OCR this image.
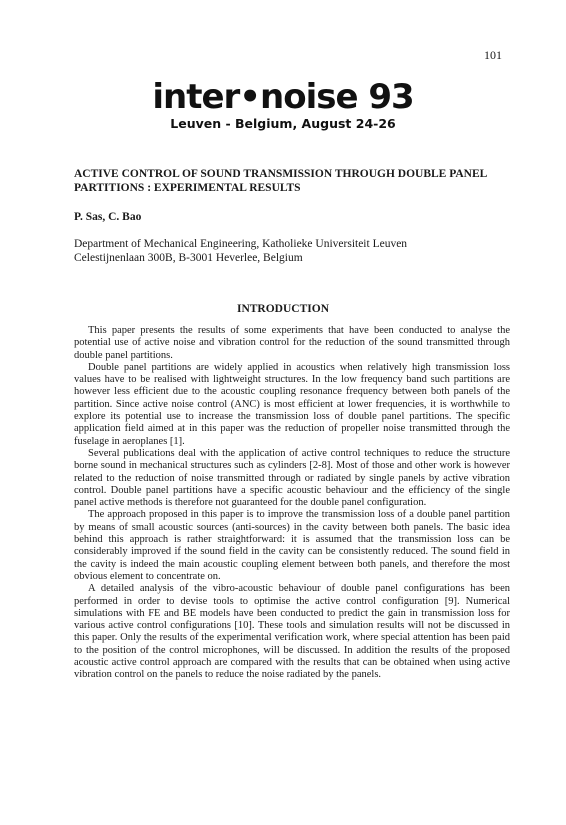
101
inter•noise 93
Leuven - Belgium, August 24-26
ACTIVE CONTROL OF SOUND TRANSMISSION THROUGH DOUBLE PANEL PARTITIONS : EXPERIMENTAL RESULTS
P. Sas, C. Bao
Department of Mechanical Engineering, Katholieke Universiteit Leuven
Celestijnenlaan 300B, B-3001 Heverlee, Belgium
INTRODUCTION

This paper presents the results of some experiments that have been conducted to analyse the potential use of active noise and vibration control for the reduction of the sound transmitted through double panel partitions.

Double panel partitions are widely applied in acoustics when relatively high transmission loss values have to be realised with lightweight structures. In the low frequency band such partitions are however less efficient due to the acoustic coupling resonance frequency between both panels of the partition. Since active noise control (ANC) is most efficient at lower frequencies, it is worthwhile to explore its potential use to increase the transmission loss of double panel partitions. The specific application field aimed at in this paper was the reduction of propeller noise transmitted through the fuselage in aeroplanes [1].

Several publications deal with the application of active control techniques to reduce the structure borne sound in mechanical structures such as cylinders [2-8]. Most of those and other work is however related to the reduction of noise transmitted through or radiated by single panels by active vibration control. Double panel partitions have a specific acoustic behaviour and the efficiency of the single panel active methods is therefore not guaranteed for the double panel configuration.

The approach proposed in this paper is to improve the transmission loss of a double panel partition by means of small acoustic sources (anti-sources) in the cavity between both panels. The basic idea behind this approach is rather straightforward: it is assumed that the transmission loss can be considerably improved if the sound field in the cavity can be consistently reduced. The sound field in the cavity is indeed the main acoustic coupling element between both panels, and therefore the most obvious element to concentrate on.

A detailed analysis of the vibro-acoustic behaviour of double panel configurations has been performed in order to devise tools to optimise the active control configuration [9]. Numerical simulations with FE and BE models have been conducted to predict the gain in transmission loss for various active control configurations [10]. These tools and simulation results will not be discussed in this paper. Only the results of the experimental verification work, where special attention has been paid to the position of the control microphones, will be discussed. In addition the results of the proposed acoustic active control approach are compared with the results that can be obtained when using active vibration control on the panels to reduce the noise radiated by the panels.
